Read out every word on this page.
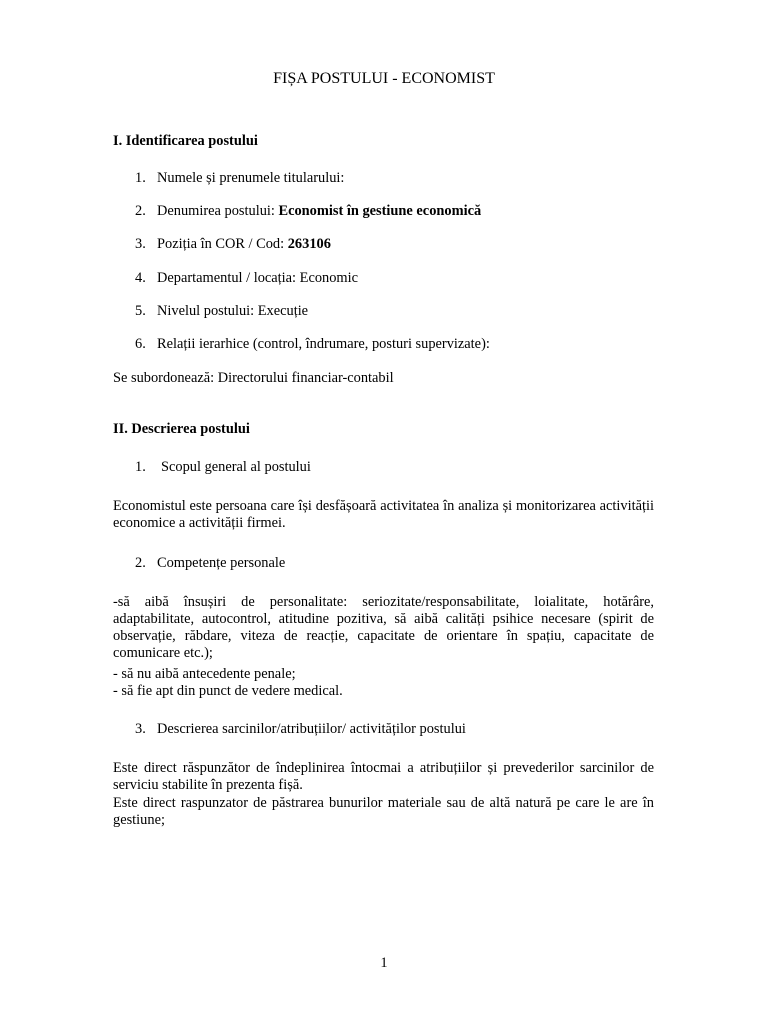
FIȘA POSTULUI - ECONOMIST
I. Identificarea postului
1. Numele și prenumele titularului:
2. Denumirea postului: Economist în gestiune economică
3. Poziția în COR / Cod: 263106
4. Departamentul / locația: Economic
5. Nivelul postului: Execuție
6. Relații ierarhice (control, îndrumare, posturi supervizate):
Se subordonează: Directorului financiar-contabil
II. Descrierea postului
1. Scopul general al postului
Economistul este persoana care își desfășoară activitatea în analiza și monitorizarea activității economice a activității firmei.
2. Competențe personale
-să aibă însușiri de personalitate: seriozitate/responsabilitate, loialitate, hotărâre, adaptabilitate, autocontrol, atitudine pozitiva, să aibă calități psihice necesare (spirit de observație, răbdare, viteza de reacție, capacitate de orientare în spațiu, capacitate de comunicare etc.);
- să nu aibă antecedente penale;
- să fie apt din punct de vedere medical.
3. Descrierea sarcinilor/atribuțiilor/ activităților postului
Este direct răspunzător de îndeplinirea întocmai a atribuțiilor și prevederilor sarcinilor de serviciu stabilite în prezenta fișă.
Este direct raspunzator de păstrarea bunurilor materiale sau de altă natură pe care le are în gestiune;
1
